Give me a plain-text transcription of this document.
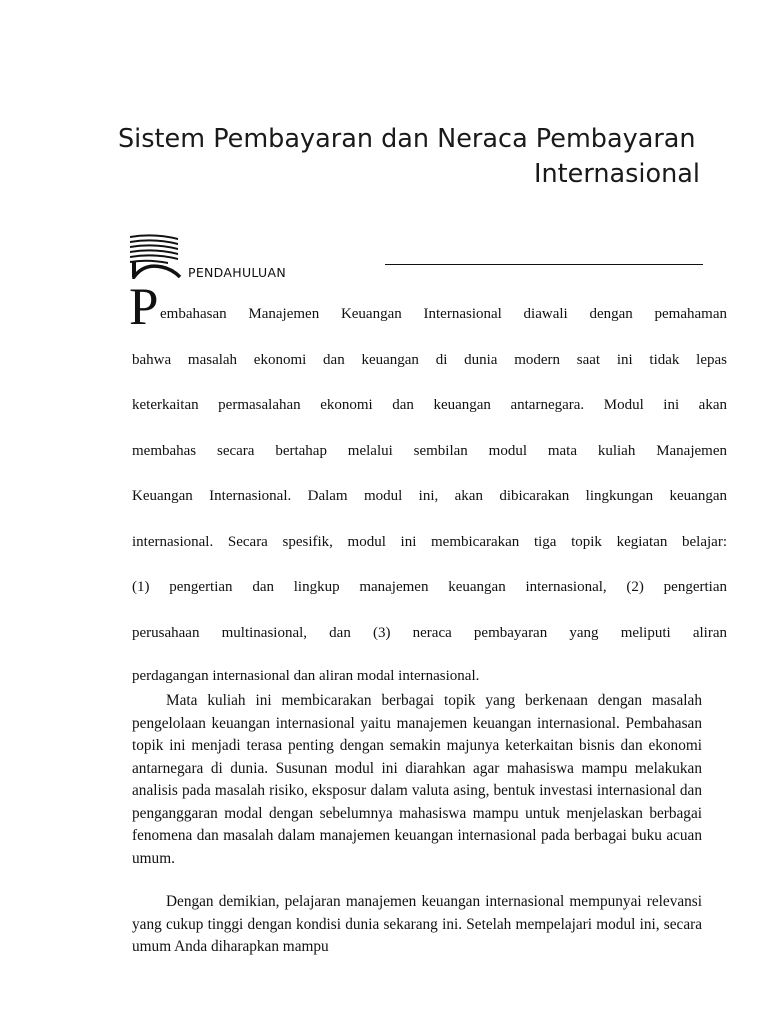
Sistem Pembayaran dan Neraca Pembayaran
Internasional
PENDAHULUAN
P embahasan Manajemen Keuangan Internasional diawali dengan pemahaman

bahwa masalah ekonomi dan keuangan di dunia modern saat ini tidak lepas

keterkaitan permasalahan ekonomi dan keuangan antarnegara. Modul ini akan

membahas secara bertahap melalui sembilan modul mata kuliah Manajemen

Keuangan Internasional. Dalam modul ini, akan dibicarakan lingkungan keuangan

internasional. Secara spesifik, modul ini membicarakan tiga topik kegiatan belajar:

(1) pengertian dan lingkup manajemen keuangan internasional, (2) pengertian

perusahaan multinasional, dan (3) neraca pembayaran yang meliputi aliran

perdagangan internasional dan aliran modal internasional.

Mata kuliah ini membicarakan berbagai topik yang berkenaan dengan masalah pengelolaan keuangan internasional yaitu manajemen keuangan internasional. Pembahasan topik ini menjadi terasa penting dengan semakin majunya keterkaitan bisnis dan ekonomi antarnegara di dunia. Susunan modul ini diarahkan agar mahasiswa mampu melakukan analisis pada masalah risiko, eksposur dalam valuta asing, bentuk investasi internasional dan penganggaran modal dengan sebelumnya mahasiswa mampu untuk menjelaskan berbagai fenomena dan masalah dalam manajemen keuangan internasional pada berbagai buku acuan umum.

Dengan demikian, pelajaran manajemen keuangan internasional mempunyai relevansi yang cukup tinggi dengan kondisi dunia sekarang ini. Setelah mempelajari modul ini, secara umum Anda diharapkan mampu
